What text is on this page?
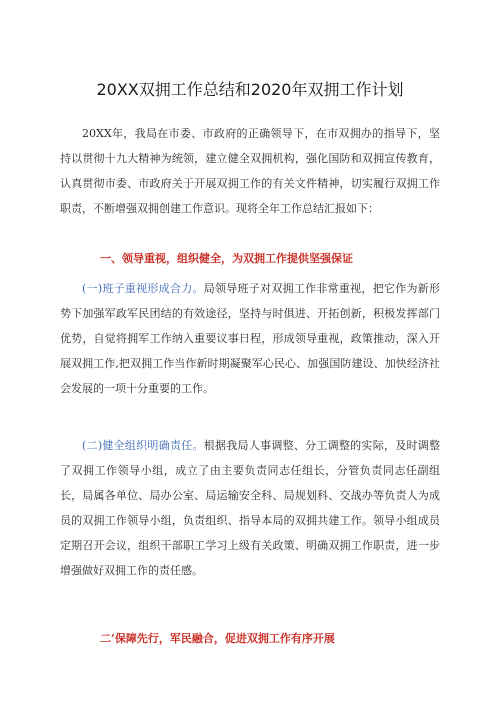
20XX双拥工作总结和2020年双拥工作计划

20XX年，我局在市委、市政府的正确领导下，在市双拥办的指导下，坚持以贯彻十九大精神为统领，建立健全双拥机构，强化国防和双拥宣传教育，认真贯彻市委、市政府关于开展双拥工作的有关文件精神，切实履行双拥工作职责，不断增强双拥创建工作意识。现将全年工作总结汇报如下：

一、领导重视，组织健全，为双拥工作提供坚强保证

(一)班子重视形成合力。局领导班子对双拥工作非常重视，把它作为新形势下加强军政军民团结的有效途径，坚持与时俱进、开拓创新，积极发挥部门优势，自觉将拥军工作纳入重要议事日程，形成领导重视，政策推动，深入开展双拥工作,把双拥工作当作新时期凝聚军心民心、加强国防建设、加快经济社会发展的一项十分重要的工作。

(二)健全组织明确责任。根据我局人事调整、分工调整的实际，及时调整了双拥工作领导小组，成立了由主要负责同志任组长，分管负责同志任副组长，局属各单位、局办公室、局运输安全科、局规划科、交战办等负责人为成员的双拥工作领导小组，负责组织、指导本局的双拥共建工作。领导小组成员定期召开会议，组织干部职工学习上级有关政策、明确双拥工作职责，进一步增强做好双拥工作的责任感。

二’保障先行，军民融合，促进双拥工作有序开展
